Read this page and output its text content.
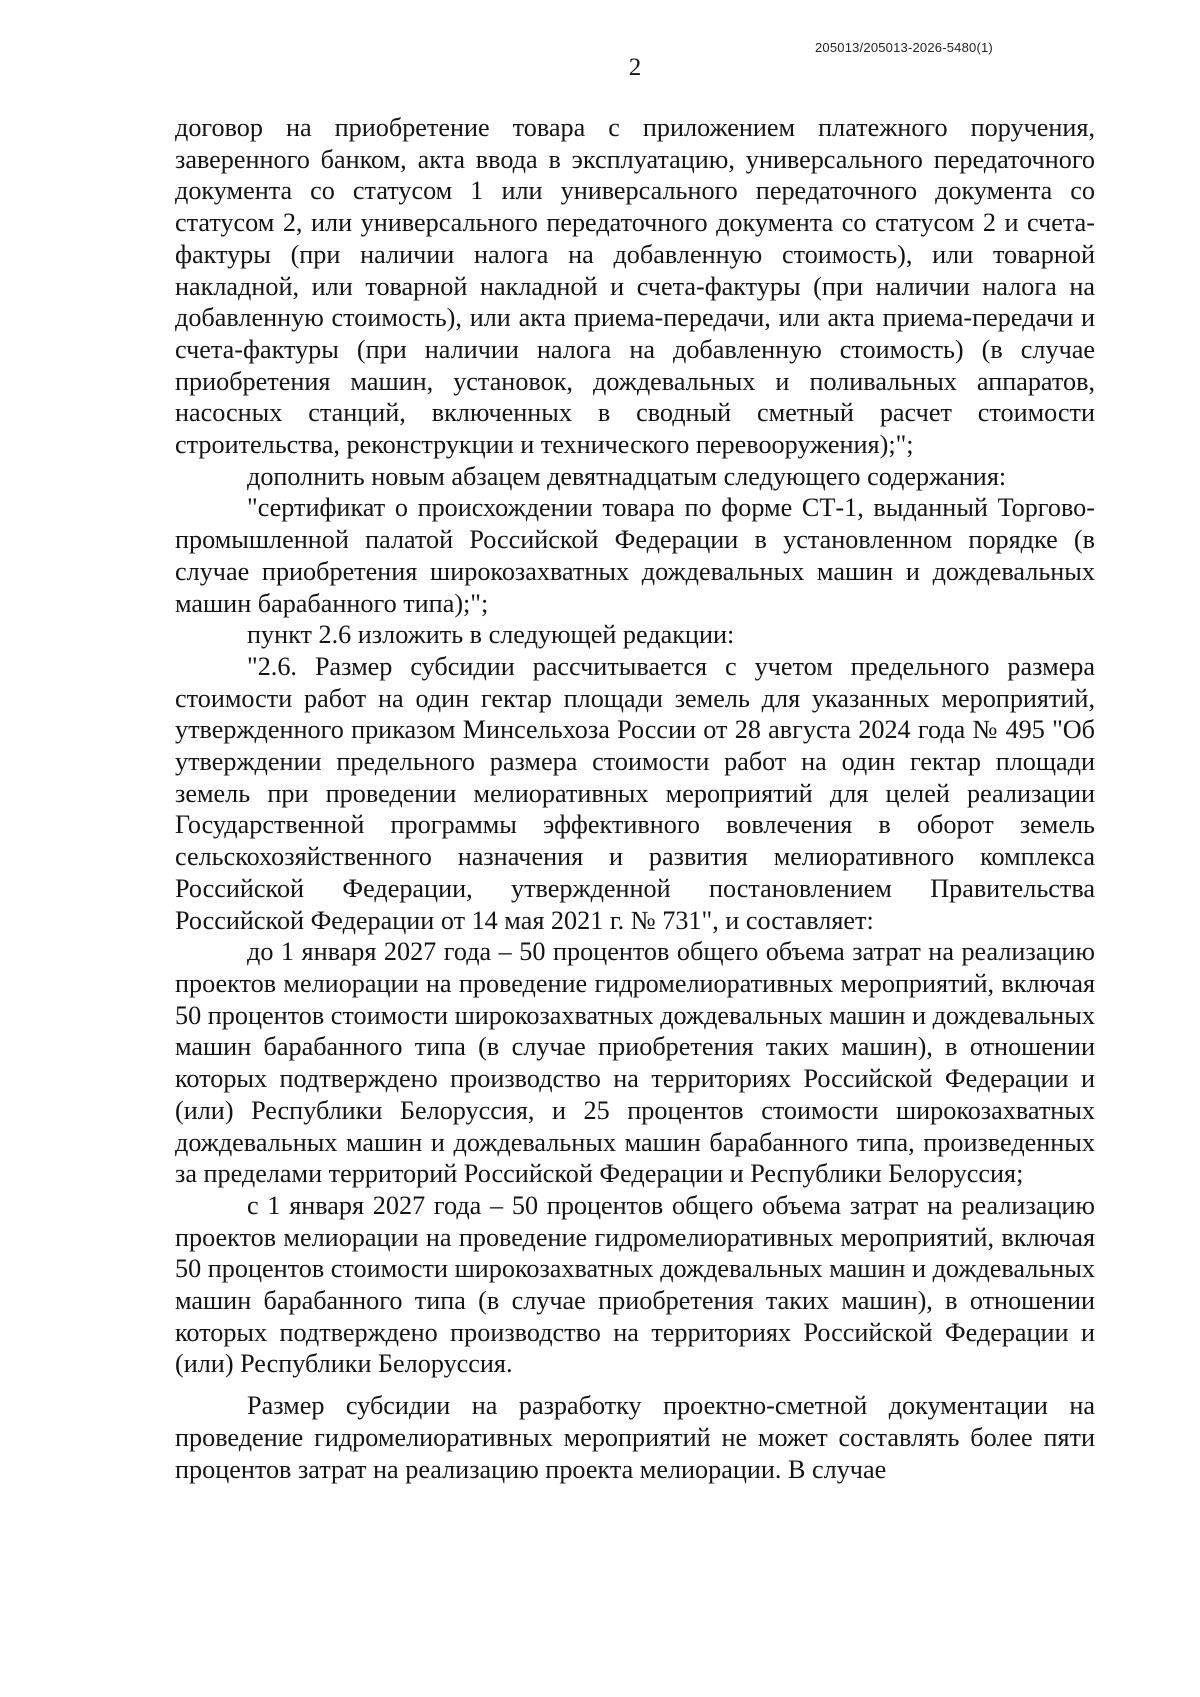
205013/205013-2026-5480(1)
2

договор на приобретение товара с приложением платежного поручения, заверенного банком, акта ввода в эксплуатацию, универсального передаточного документа со статусом 1 или универсального передаточного документа со статусом 2, или универсального передаточного документа со статусом 2 и счета-фактуры (при наличии налога на добавленную стоимость), или товарной накладной, или товарной накладной и счета-фактуры (при наличии налога на добавленную стоимость), или акта приема-передачи, или акта приема-передачи и счета-фактуры (при наличии налога на добавленную стоимость) (в случае приобретения машин, установок, дождевальных и поливальных аппаратов, насосных станций, включенных в сводный сметный расчет стоимости строительства, реконструкции и технического перевооружения);";

дополнить новым абзацем девятнадцатым следующего содержания:

"сертификат о происхождении товара по форме СТ-1, выданный Торгово-промышленной палатой Российской Федерации в установленном порядке (в случае приобретения широкозахватных дождевальных машин и дождевальных машин барабанного типа);";

пункт 2.6 изложить в следующей редакции:

"2.6. Размер субсидии рассчитывается с учетом предельного размера стоимости работ на один гектар площади земель для указанных мероприятий, утвержденного приказом Минсельхоза России от 28 августа 2024 года № 495 "Об утверждении предельного размера стоимости работ на один гектар площади земель при проведении мелиоративных мероприятий для целей реализации Государственной программы эффективного вовлечения в оборот земель сельскохозяйственного назначения и развития мелиоративного комплекса Российской Федерации, утвержденной постановлением Правительства Российской Федерации от 14 мая 2021 г. № 731", и составляет:

до 1 января 2027 года – 50 процентов общего объема затрат на реализацию проектов мелиорации на проведение гидромелиоративных мероприятий, включая 50 процентов стоимости широкозахватных дождевальных машин и дождевальных машин барабанного типа (в случае приобретения таких машин), в отношении которых подтверждено производство на территориях Российской Федерации и (или) Республики Белоруссия, и 25 процентов стоимости широкозахватных дождевальных машин и дождевальных машин барабанного типа, произведенных за пределами территорий Российской Федерации и Республики Белоруссия;

с 1 января 2027 года – 50 процентов общего объема затрат на реализацию проектов мелиорации на проведение гидромелиоративных мероприятий, включая 50 процентов стоимости широкозахватных дождевальных машин и дождевальных машин барабанного типа (в случае приобретения таких машин), в отношении которых подтверждено производство на территориях Российской Федерации и (или) Республики Белоруссия.

Размер субсидии на разработку проектно-сметной документации на проведение гидромелиоративных мероприятий не может составлять более пяти процентов затрат на реализацию проекта мелиорации. В случае
